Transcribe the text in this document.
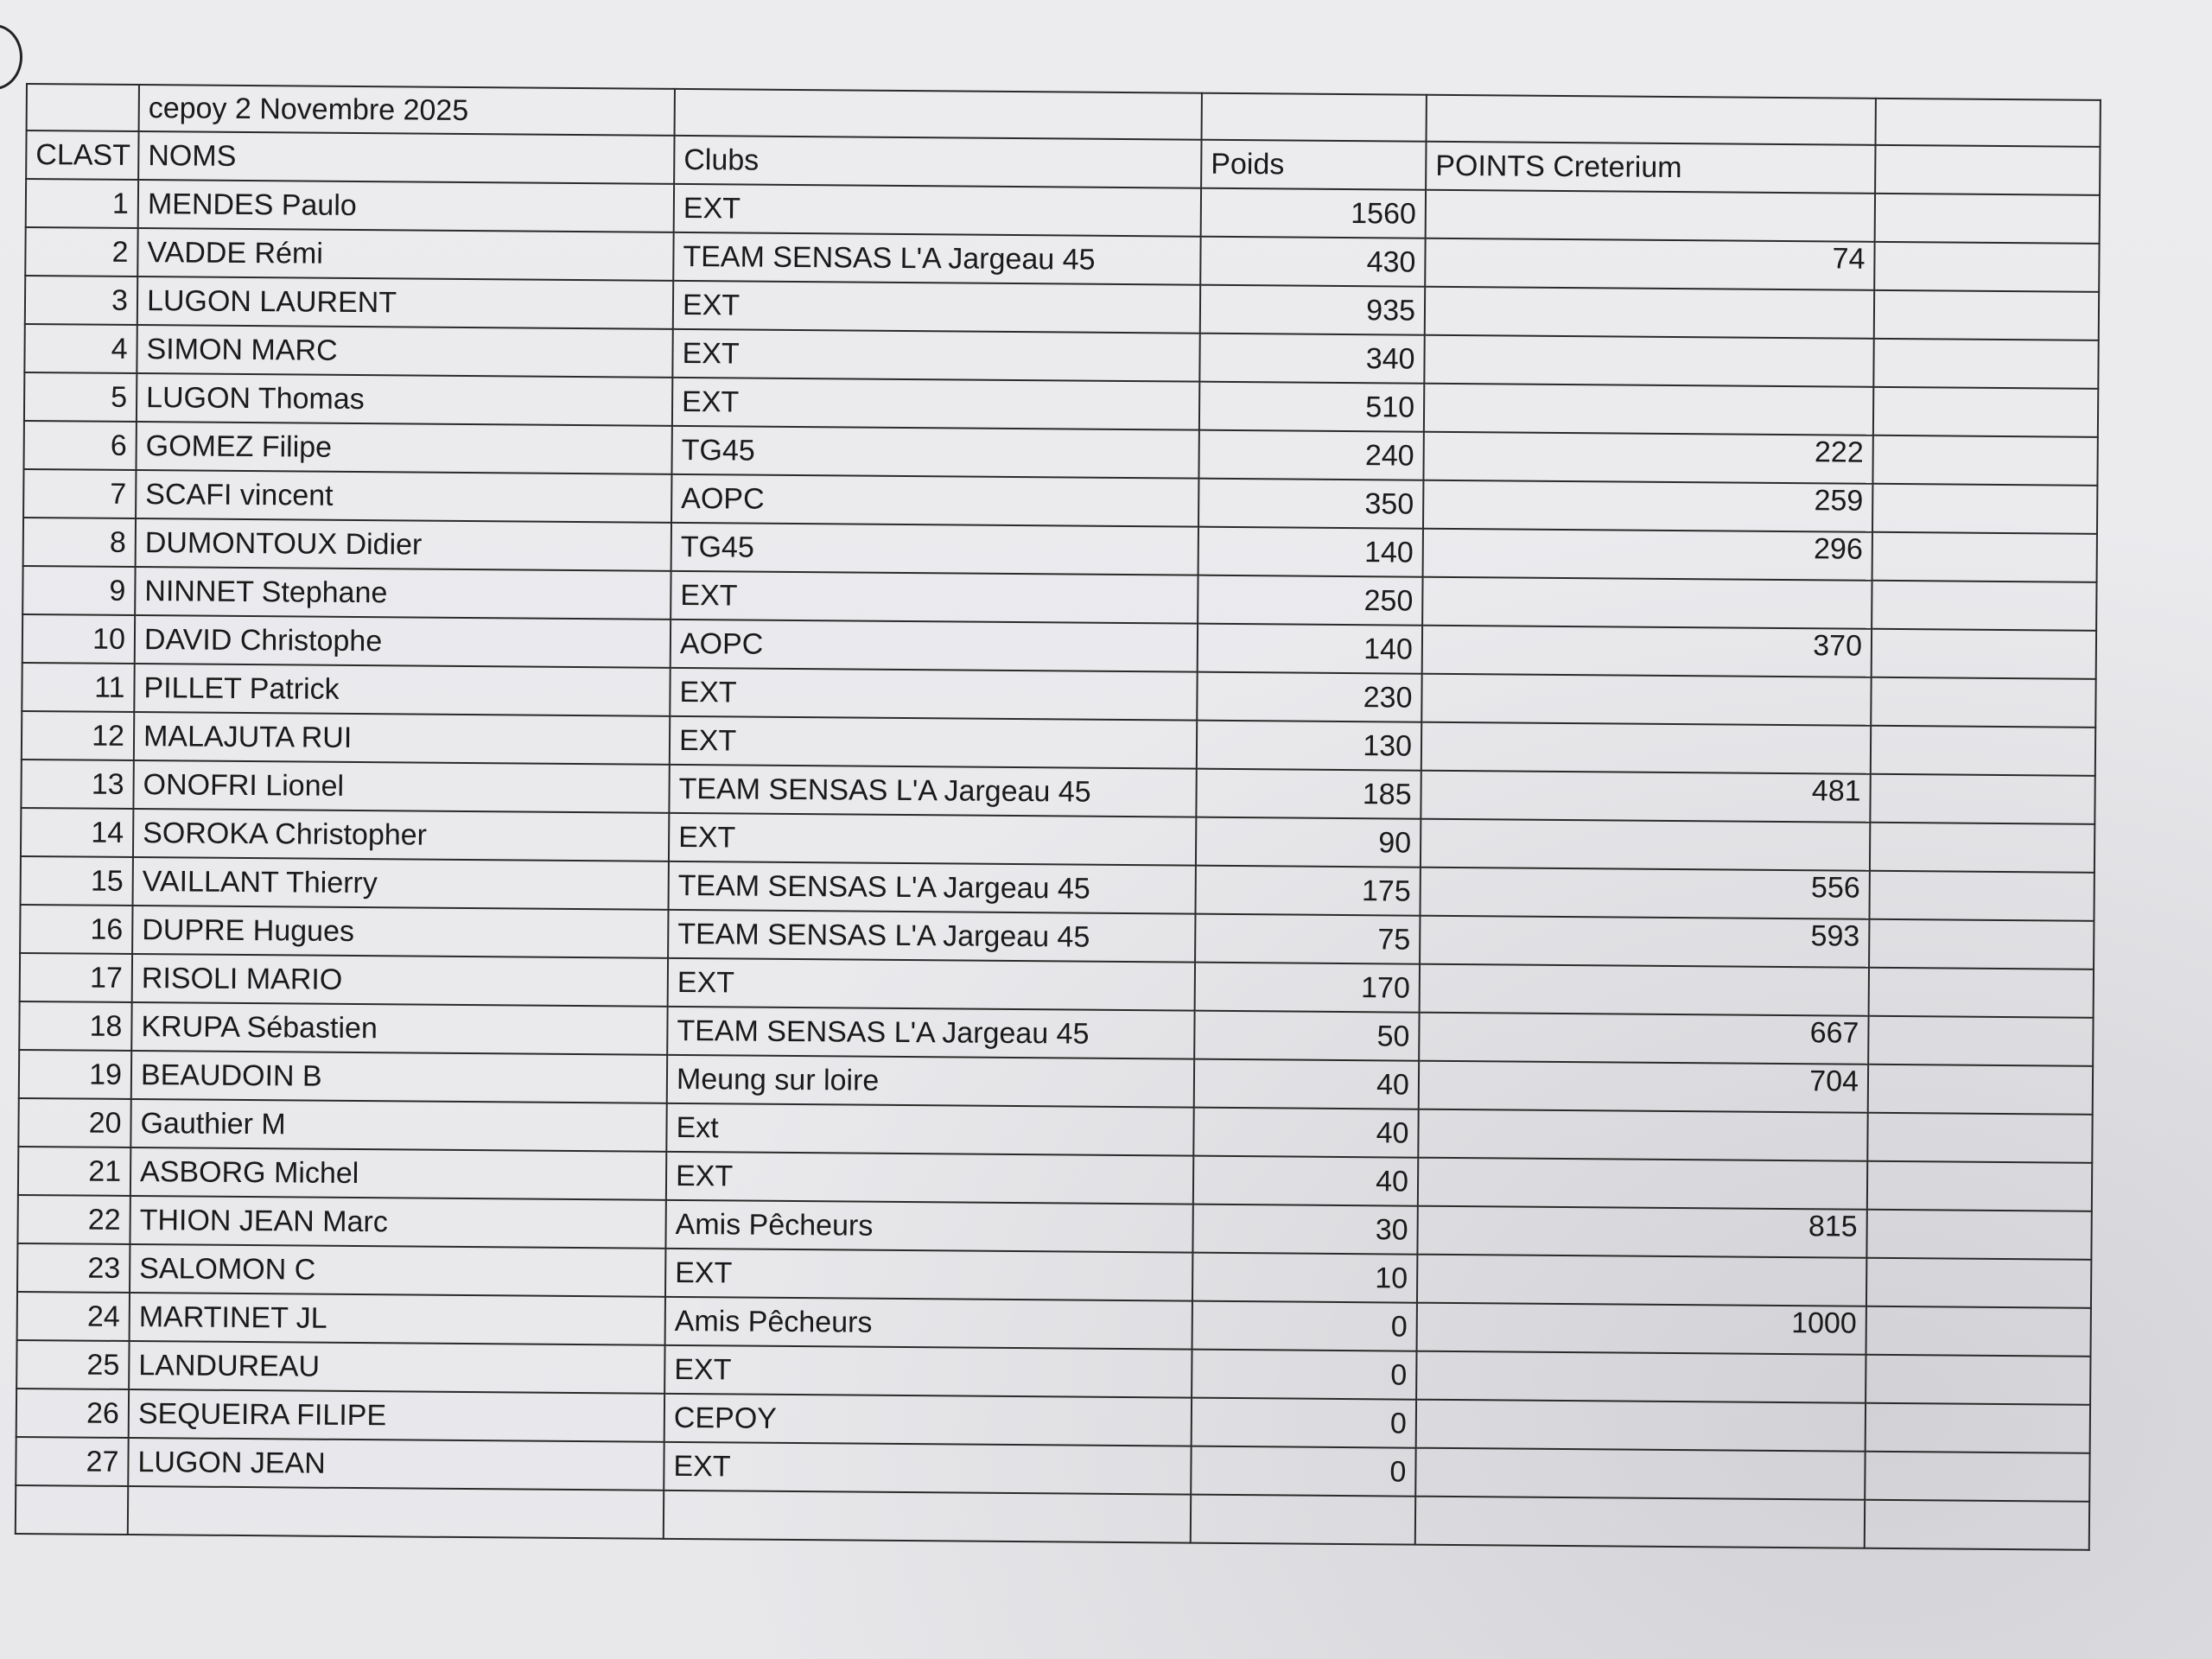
	cepoy 2 Novembre 2025				
CLAST	NOMS	Clubs	Poids	POINTS Creterium	
1	MENDES Paulo	EXT	1560		
2	VADDE Rémi	TEAM SENSAS L'A Jargeau 45	430	74	
3	LUGON LAURENT	EXT	935		
4	SIMON MARC	EXT	340		
5	LUGON Thomas	EXT	510		
6	GOMEZ Filipe	TG45	240	222	
7	SCAFI vincent	AOPC	350	259	
8	DUMONTOUX Didier	TG45	140	296	
9	NINNET Stephane	EXT	250		
10	DAVID Christophe	AOPC	140	370	
11	PILLET Patrick	EXT	230		
12	MALAJUTA RUI	EXT	130		
13	ONOFRI Lionel	TEAM SENSAS L'A Jargeau 45	185	481	
14	SOROKA Christopher	EXT	90		
15	VAILLANT Thierry	TEAM SENSAS L'A Jargeau 45	175	556	
16	DUPRE Hugues	TEAM SENSAS L'A Jargeau 45	75	593	
17	RISOLI MARIO	EXT	170		
18	KRUPA Sébastien	TEAM SENSAS L'A Jargeau 45	50	667	
19	BEAUDOIN B	Meung sur loire	40	704	
20	Gauthier M	Ext	40		
21	ASBORG Michel	EXT	40		
22	THION JEAN Marc	Amis Pêcheurs	30	815	
23	SALOMON C	EXT	10		
24	MARTINET JL	Amis Pêcheurs	0	1000	
25	LANDUREAU	EXT	0		
26	SEQUEIRA FILIPE	CEPOY	0		
27	LUGON JEAN	EXT	0		
